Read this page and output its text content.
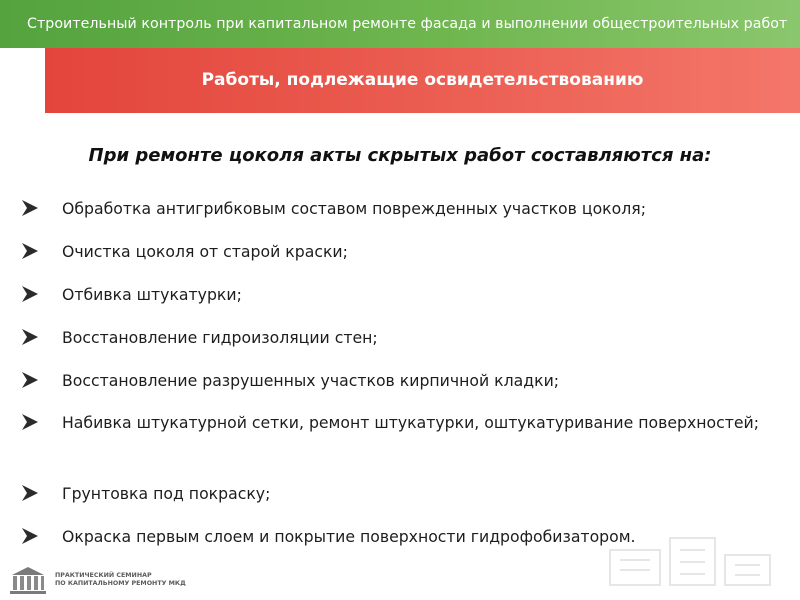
Строительный контроль при капитальном ремонте фасада и выполнении общестроительных работ
Работы, подлежащие освидетельствованию
При ремонте цоколя акты скрытых работ составляются на:
Обработка антигрибковым составом поврежденных участков цоколя;
Очистка цоколя от старой краски;
Отбивка штукатурки;
Восстановление гидроизоляции стен;
Восстановление разрушенных участков кирпичной кладки;
Набивка штукатурной сетки, ремонт штукатурки, оштукатуривание поверхностей;
Грунтовка под покраску;
Окраска первым слоем и покрытие поверхности гидрофобизатором.
ПРАКТИЧЕСКИЙ СЕМИНАР
ПО КАПИТАЛЬНОМУ РЕМОНТУ МКД
